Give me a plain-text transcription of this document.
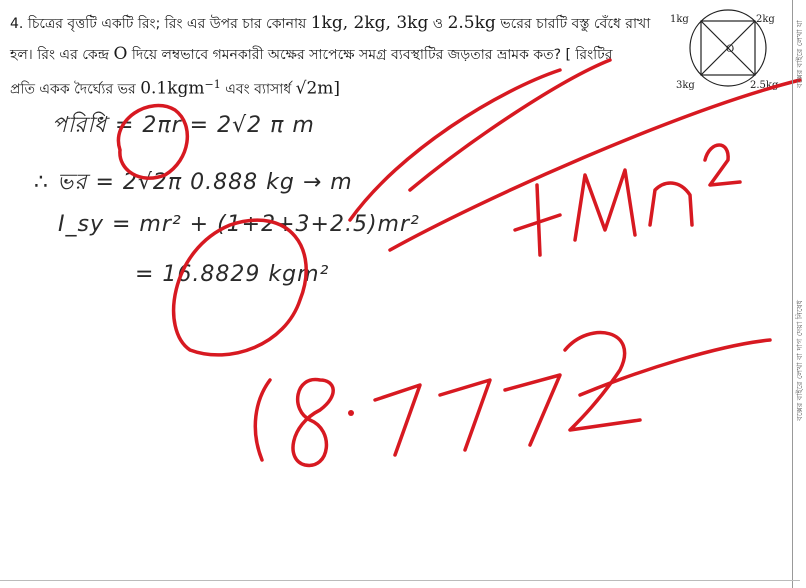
4. চিত্রের বৃত্তটি একটি রিং; রিং এর উপর চার কোনায় 1kg, 2kg, 3kg ও 2.5kg ভরের চারটি বস্তু বেঁধে রাখা
হল। রিং এর কেন্দ্র O দিয়ে লম্বভাবে গমনকারী অক্ষের সাপেক্ষে সমগ্র ব্যবস্থাটির জড়তার ভ্রামক কত? [ রিংটির
প্রতি একক দৈর্ঘ্যের ভর 0.1kgm$^{-1}$ এবং ব্যাসার্ধ √2m]
1kg	2kg
3kg	2.5kg
O
পরিধি = 2πr = 2√2 π m
∴ ভর = 2√2π 0.888 kg → m
I_sy = mr² + (1+2+3+2.5)mr²
= 16.8829 kgm²
বক্সের বাইরে লেখা যা
বক্সের বাইরে লেখা বা দাগ দেয়া নিষেধ
